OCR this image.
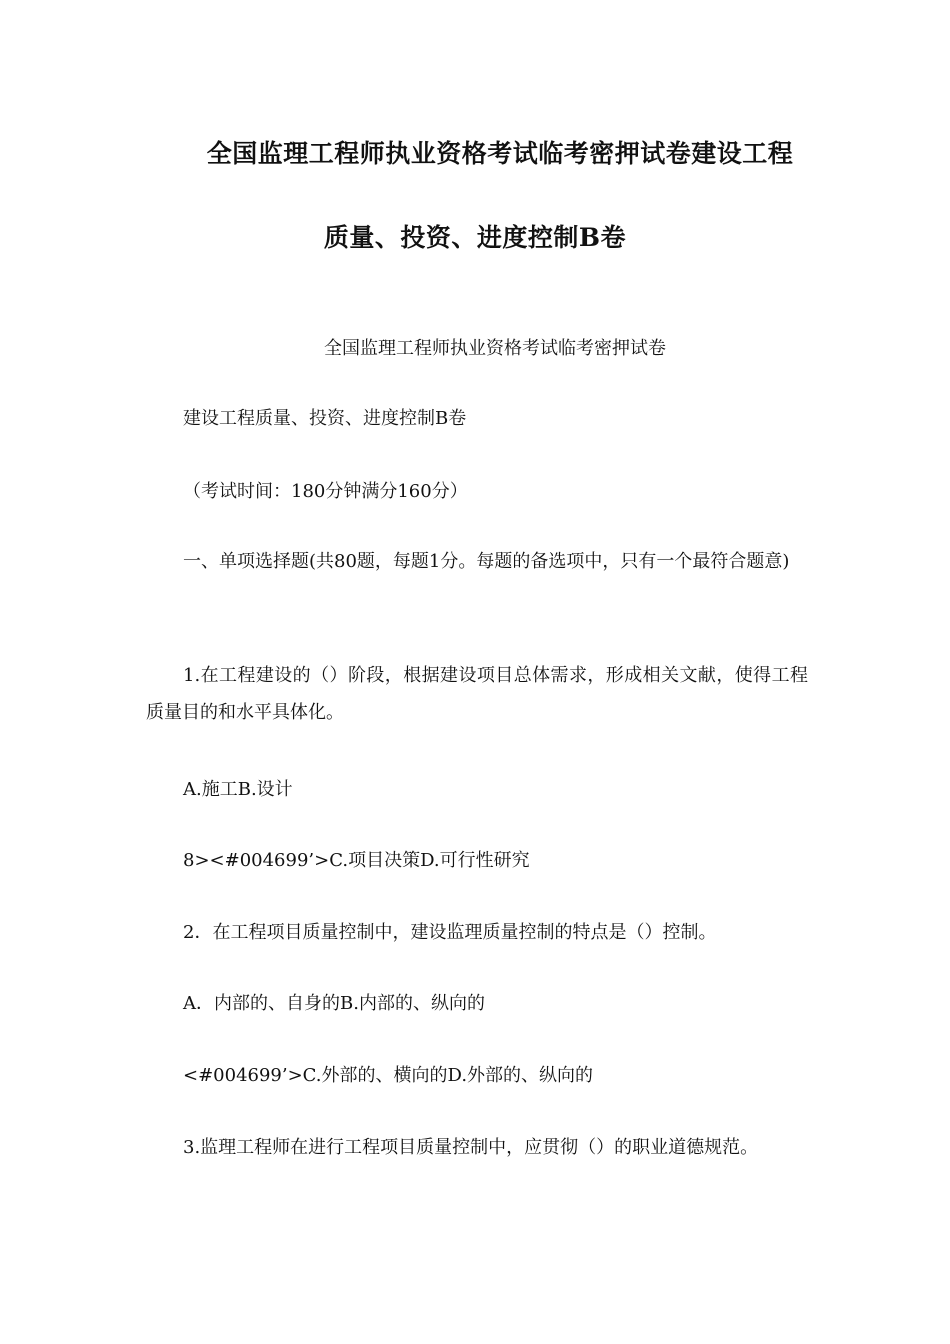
全国监理工程师执业资格考试临考密押试卷建设工程
质量、投资、进度控制B卷
全国监理工程师执业资格考试临考密押试卷
建设工程质量、投资、进度控制B卷
（考试时间：180分钟满分160分）
一、单项选择题(共80题，每题1分。每题的备选项中，只有一个最符合题意)
1.在工程建设的（）阶段，根据建设项目总体需求，形成相关文献，使得工程质量目的和水平具体化。
A.施工B.设计
8><#004699’>C.项目决策D.可行性研究
2．在工程项目质量控制中，建设监理质量控制的特点是（）控制。
A．内部的、自身的B.内部的、纵向的
<#004699’>C.外部的、横向的D.外部的、纵向的
3.监理工程师在进行工程项目质量控制中，应贯彻（）的职业道德规范。
